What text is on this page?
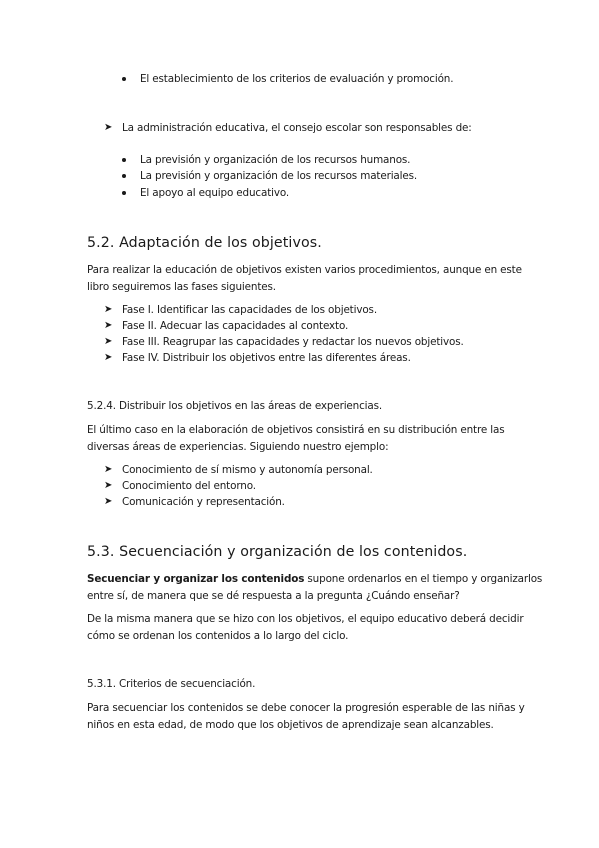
El establecimiento de los criterios de evaluación y promoción.
➤ La administración educativa, el consejo escolar son responsables de:
La previsión y organización de los recursos humanos.
La previsión y organización de los recursos materiales.
El apoyo al equipo educativo.
5.2. Adaptación de los objetivos.
Para realizar la educación de objetivos existen varios procedimientos, aunque en este
libro seguiremos las fases siguientes.
➤ Fase I. Identificar las capacidades de los objetivos.
➤ Fase II. Adecuar las capacidades al contexto.
➤ Fase III. Reagrupar las capacidades y redactar los nuevos objetivos.
➤ Fase IV. Distribuir los objetivos entre las diferentes áreas.
5.2.4. Distribuir los objetivos en las áreas de experiencias.
El último caso en la elaboración de objetivos consistirá en su distribución entre las
diversas áreas de experiencias. Siguiendo nuestro ejemplo:
➤ Conocimiento de sí mismo y autonomía personal.
➤ Conocimiento del entorno.
➤ Comunicación y representación.
5.3. Secuenciación y organización de los contenidos.
Secuenciar y organizar los contenidos supone ordenarlos en el tiempo y organizarlos
entre sí, de manera que se dé respuesta a la pregunta ¿Cuándo enseñar?
De la misma manera que se hizo con los objetivos, el equipo educativo deberá decidir
cómo se ordenan los contenidos a lo largo del ciclo.
5.3.1. Criterios de secuenciación.
Para secuenciar los contenidos se debe conocer la progresión esperable de las niñas y
niños en esta edad, de modo que los objetivos de aprendizaje sean alcanzables.
